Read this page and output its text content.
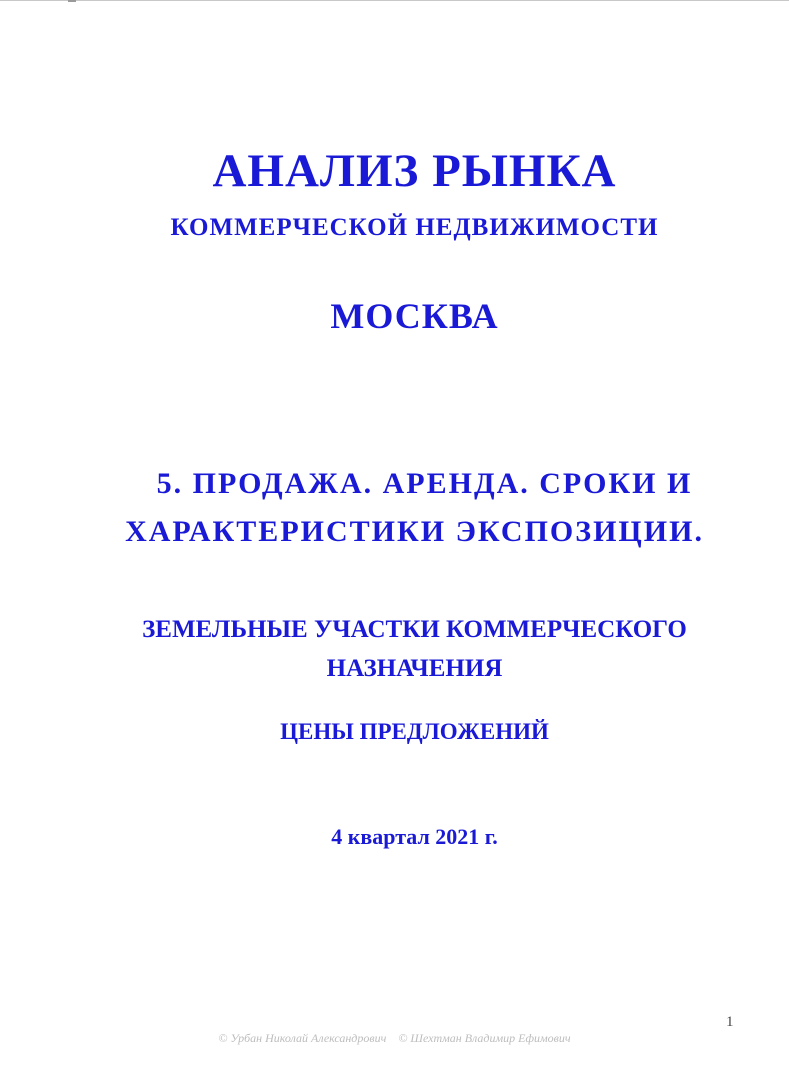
АНАЛИЗ РЫНКА
КОММЕРЧЕСКОЙ НЕДВИЖИМОСТИ
МОСКВА
5. ПРОДАЖА. АРЕНДА. СРОКИ И
ХАРАКТЕРИСТИКИ ЭКСПОЗИЦИИ.
ЗЕМЕЛЬНЫЕ УЧАСТКИ КОММЕРЧЕСКОГО
НАЗНАЧЕНИЯ
ЦЕНЫ ПРЕДЛОЖЕНИЙ
4 квартал 2021 г.
1
© Урбан Николай Александрович © Шехтман Владимир Ефимович
